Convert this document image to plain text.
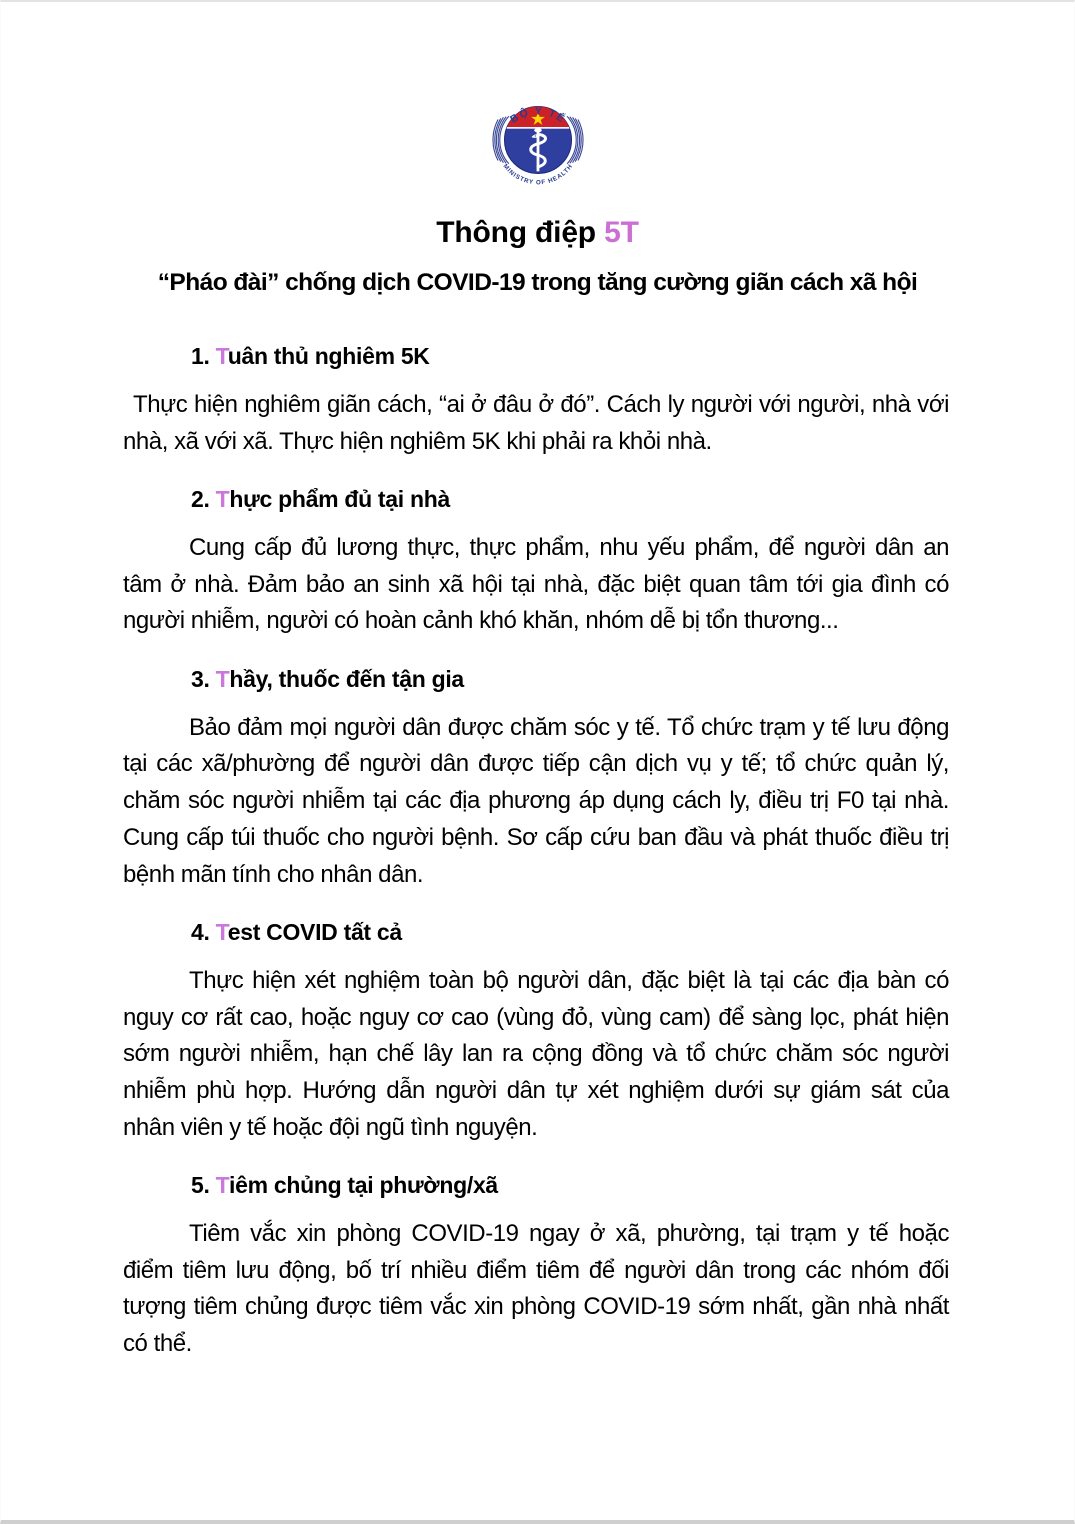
BỘ Y TẾ
MINISTRY OF HEALTH
Thông điệp 5T
“Pháo đài” chống dịch COVID-19 trong tăng cường giãn cách xã hội
1. Tuân thủ nghiêm 5K

Thực hiện nghiêm giãn cách, “ai ở đâu ở đó”. Cách ly người với người, nhà với nhà, xã với xã. Thực hiện nghiêm 5K khi phải ra khỏi nhà.

2. Thực phẩm đủ tại nhà

Cung cấp đủ lương thực, thực phẩm, nhu yếu phẩm, để người dân an tâm ở nhà. Đảm bảo an sinh xã hội tại nhà, đặc biệt quan tâm tới gia đình có người nhiễm, người có hoàn cảnh khó khăn, nhóm dễ bị tổn thương...

3. Thầy, thuốc đến tận gia

Bảo đảm mọi người dân được chăm sóc y tế. Tổ chức trạm y tế lưu động tại các xã/phường để người dân được tiếp cận dịch vụ y tế; tổ chức quản lý, chăm sóc người nhiễm tại các địa phương áp dụng cách ly, điều trị F0 tại nhà. Cung cấp túi thuốc cho người bệnh. Sơ cấp cứu ban đầu và phát thuốc điều trị bệnh mãn tính cho nhân dân.

4. Test COVID tất cả

Thực hiện xét nghiệm toàn bộ người dân, đặc biệt là tại các địa bàn có nguy cơ rất cao, hoặc nguy cơ cao (vùng đỏ, vùng cam) để sàng lọc, phát hiện sớm người nhiễm, hạn chế lây lan ra cộng đồng và tổ chức chăm sóc người nhiễm phù hợp. Hướng dẫn người dân tự xét nghiệm dưới sự giám sát của nhân viên y tế hoặc đội ngũ tình nguyện.

5. Tiêm chủng tại phường/xã

Tiêm vắc xin phòng COVID-19 ngay ở xã, phường, tại trạm y tế hoặc điểm tiêm lưu động, bố trí nhiều điểm tiêm để người dân trong các nhóm đối tượng tiêm chủng được tiêm vắc xin phòng COVID-19 sớm nhất, gần nhà nhất có thể.
